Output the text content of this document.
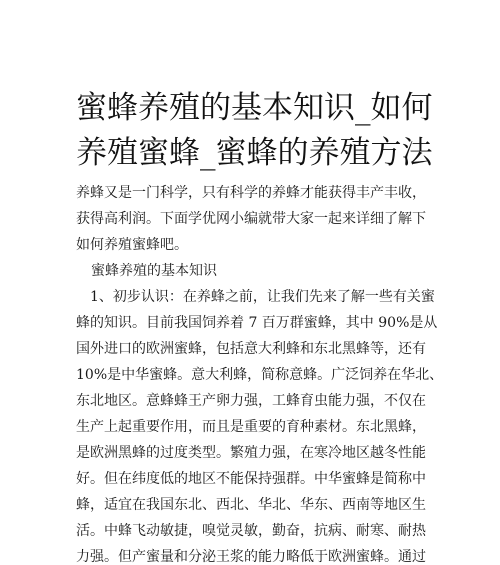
蜜蜂养殖的基本知识_如何
养殖蜜蜂_蜜蜂的养殖方法
养蜂又是一门科学，只有科学的养蜂才能获得丰产丰收，
获得高利润。下面学优网小编就带大家一起来详细了解下
如何养殖蜜蜂吧。
蜜蜂养殖的基本知识
1、初步认识：在养蜂之前，让我们先来了解一些有关蜜
蜂的知识。目前我国饲养着 7 百万群蜜蜂，其中 90%是从
国外进口的欧洲蜜蜂，包括意大利蜂和东北黑蜂等，还有
10%是中华蜜蜂。意大利蜂，简称意蜂。广泛饲养在华北、
东北地区。意蜂蜂王产卵力强，工蜂育虫能力强，不仅在
生产上起重要作用，而且是重要的育种素材。东北黑蜂，
是欧洲黑蜂的过度类型。繁殖力强，在寒冷地区越冬性能
好。但在纬度低的地区不能保持强群。中华蜜蜂是简称中
蜂，适宜在我国东北、西北、华北、华东、西南等地区生
活。中蜂飞动敏捷，嗅觉灵敏，勤奋，抗病、耐寒、耐热
力强。但产蜜量和分泌王浆的能力略低于欧洲蜜蜂。通过
